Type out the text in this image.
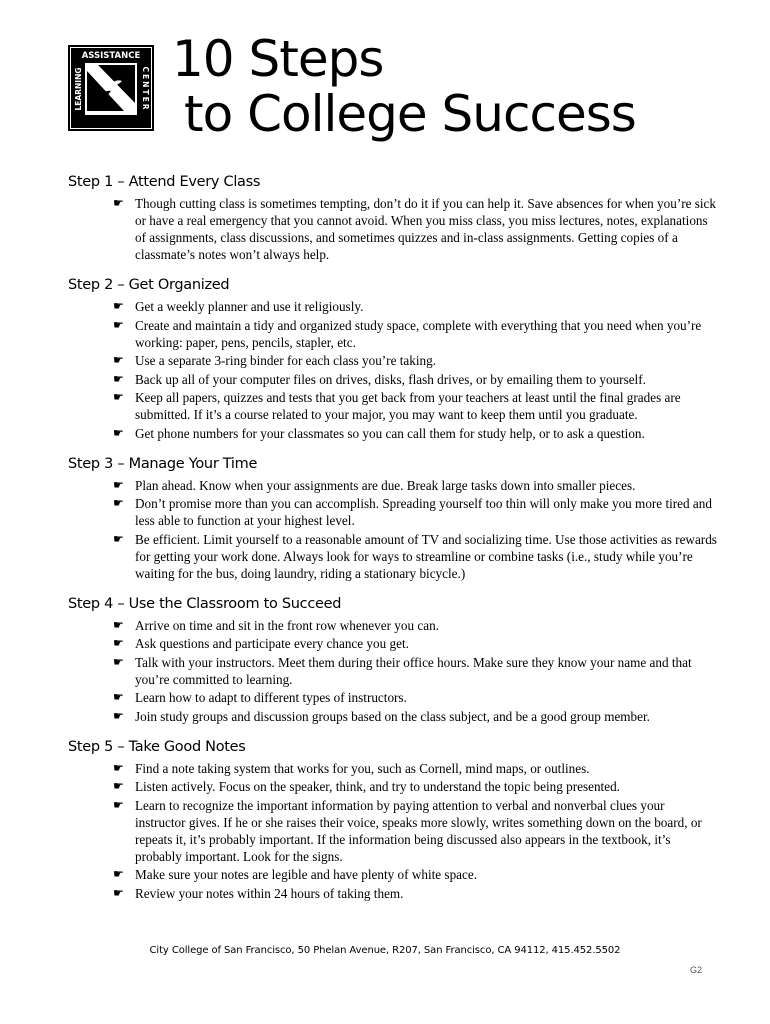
ASSISTANCE
LEARNING	CENTER
10 Steps
to College Success
Step 1 – Attend Every Class
☛ Though cutting class is sometimes tempting, don’t do it if you can help it. Save absences for when you’re sick or have a real emergency that you cannot avoid. When you miss class, you miss lectures, notes, explanations of assignments, class discussions, and sometimes quizzes and in-class assignments. Getting copies of a classmate’s notes won’t always help.
Step 2 – Get Organized
☛ Get a weekly planner and use it religiously.
☛ Create and maintain a tidy and organized study space, complete with everything that you need when you’re working: paper, pens, pencils, stapler, etc.
☛ Use a separate 3-ring binder for each class you’re taking.
☛ Back up all of your computer files on drives, disks, flash drives, or by emailing them to yourself.
☛ Keep all papers, quizzes and tests that you get back from your teachers at least until the final grades are submitted. If it’s a course related to your major, you may want to keep them until you graduate.
☛ Get phone numbers for your classmates so you can call them for study help, or to ask a question.
Step 3 – Manage Your Time
☛ Plan ahead. Know when your assignments are due. Break large tasks down into smaller pieces.
☛ Don’t promise more than you can accomplish. Spreading yourself too thin will only make you more tired and less able to function at your highest level.
☛ Be efficient. Limit yourself to a reasonable amount of TV and socializing time. Use those activities as rewards for getting your work done. Always look for ways to streamline or combine tasks (i.e., study while you’re waiting for the bus, doing laundry, riding a stationary bicycle.)
Step 4 – Use the Classroom to Succeed
☛ Arrive on time and sit in the front row whenever you can.
☛ Ask questions and participate every chance you get.
☛ Talk with your instructors. Meet them during their office hours. Make sure they know your name and that you’re committed to learning.
☛ Learn how to adapt to different types of instructors.
☛ Join study groups and discussion groups based on the class subject, and be a good group member.
Step 5 – Take Good Notes
☛ Find a note taking system that works for you, such as Cornell, mind maps, or outlines.
☛ Listen actively. Focus on the speaker, think, and try to understand the topic being presented.
☛ Learn to recognize the important information by paying attention to verbal and nonverbal clues your instructor gives. If he or she raises their voice, speaks more slowly, writes something down on the board, or repeats it, it’s probably important. If the information being discussed also appears in the textbook, it’s probably important. Look for the signs.
☛ Make sure your notes are legible and have plenty of white space.
☛ Review your notes within 24 hours of taking them.
City College of San Francisco, 50 Phelan Avenue, R207, San Francisco, CA 94112, 415.452.5502
G2
